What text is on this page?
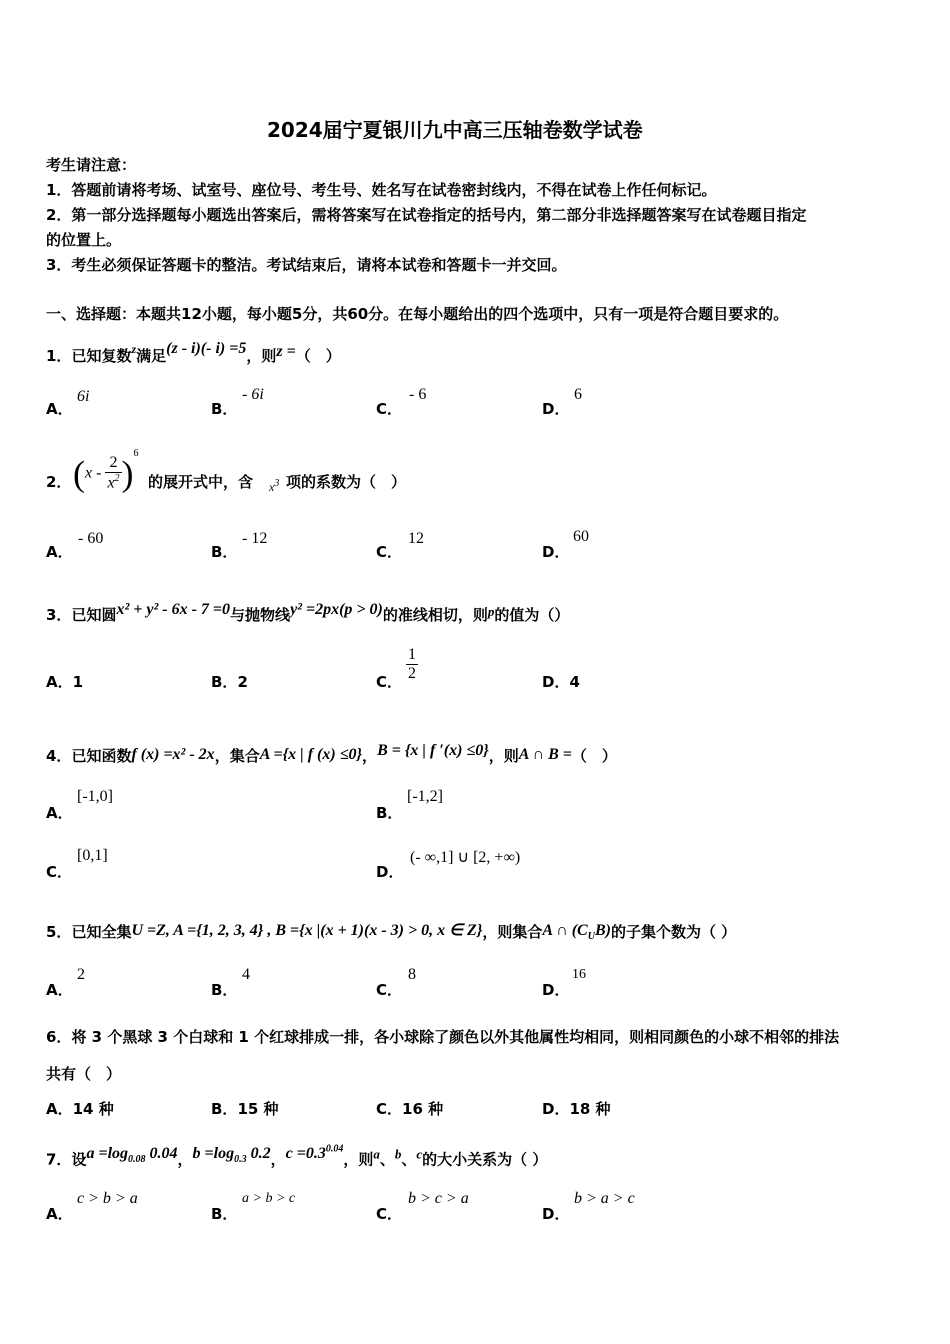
2024届宁夏银川九中高三压轴卷数学试卷
考生请注意：
1．答题前请将考场、试室号、座位号、考生号、姓名写在试卷密封线内，不得在试卷上作任何标记。
2．第一部分选择题每小题选出答案后，需将答案写在试卷指定的括号内，第二部分非选择题答案写在试卷题目指定
的位置上。
3．考生必须保证答题卡的整洁。考试结束后，请将本试卷和答题卡一并交回。
一、选择题：本题共12小题，每小题5分，共60分。在每小题给出的四个选项中，只有一项是符合题目要求的。
1．已知复数$^z$满足(z - i)(- i) =5，则z =（　）
A．
6i
B．
- 6i
C．
- 6
D．
6
2． $(x - \frac{2}{x^2} )^6$
的展开式中，含 $x^3$ 项的系数为（　）
A．
- 60
B．
- 12
C．
12
D．
60
3．已知圆x² + y² - 6x - 7 =0与抛物线y² =2px(p > 0)的准线相切，则p的值为（）
A．1	B．2	C． $\frac{1}{2}$	D．4
4．已知函数f (x) =x² - 2x，集合A ={x | f (x) ≤0}，B = {x | f ′(x) ≤0}，则A ∩ B =（　）
A．
[-1,0]
B．
[-1,2]
C．
[0,1]
D．
(- ∞,1] ∪ [2, +∞)
5．已知全集U =Z, A ={1, 2, 3, 4} , B ={x |(x + 1)(x - 3) > 0, x ∈ Z}，则集合A ∩ $(C_UB)$的子集个数为（ ）
A．
2
B．
4
C．
8
D．
16
6．将 3 个黑球 3 个白球和 1 个红球排成一排，各小球除了颜色以外其他属性均相同，则相同颜色的小球不相邻的排法
共有（　）
A．14 种	B．15 种	C．16 种	D．18 种
7．设$a =\log_{0.08}$ 0.04，$b =\log_{0.3}$ 0.2，$c =0.3^{0.04}$，则a、b、c的大小关系为（ ）
A．
c > b > a
B．
a > b > c
C．
b > c > a
D．
b > a > c
